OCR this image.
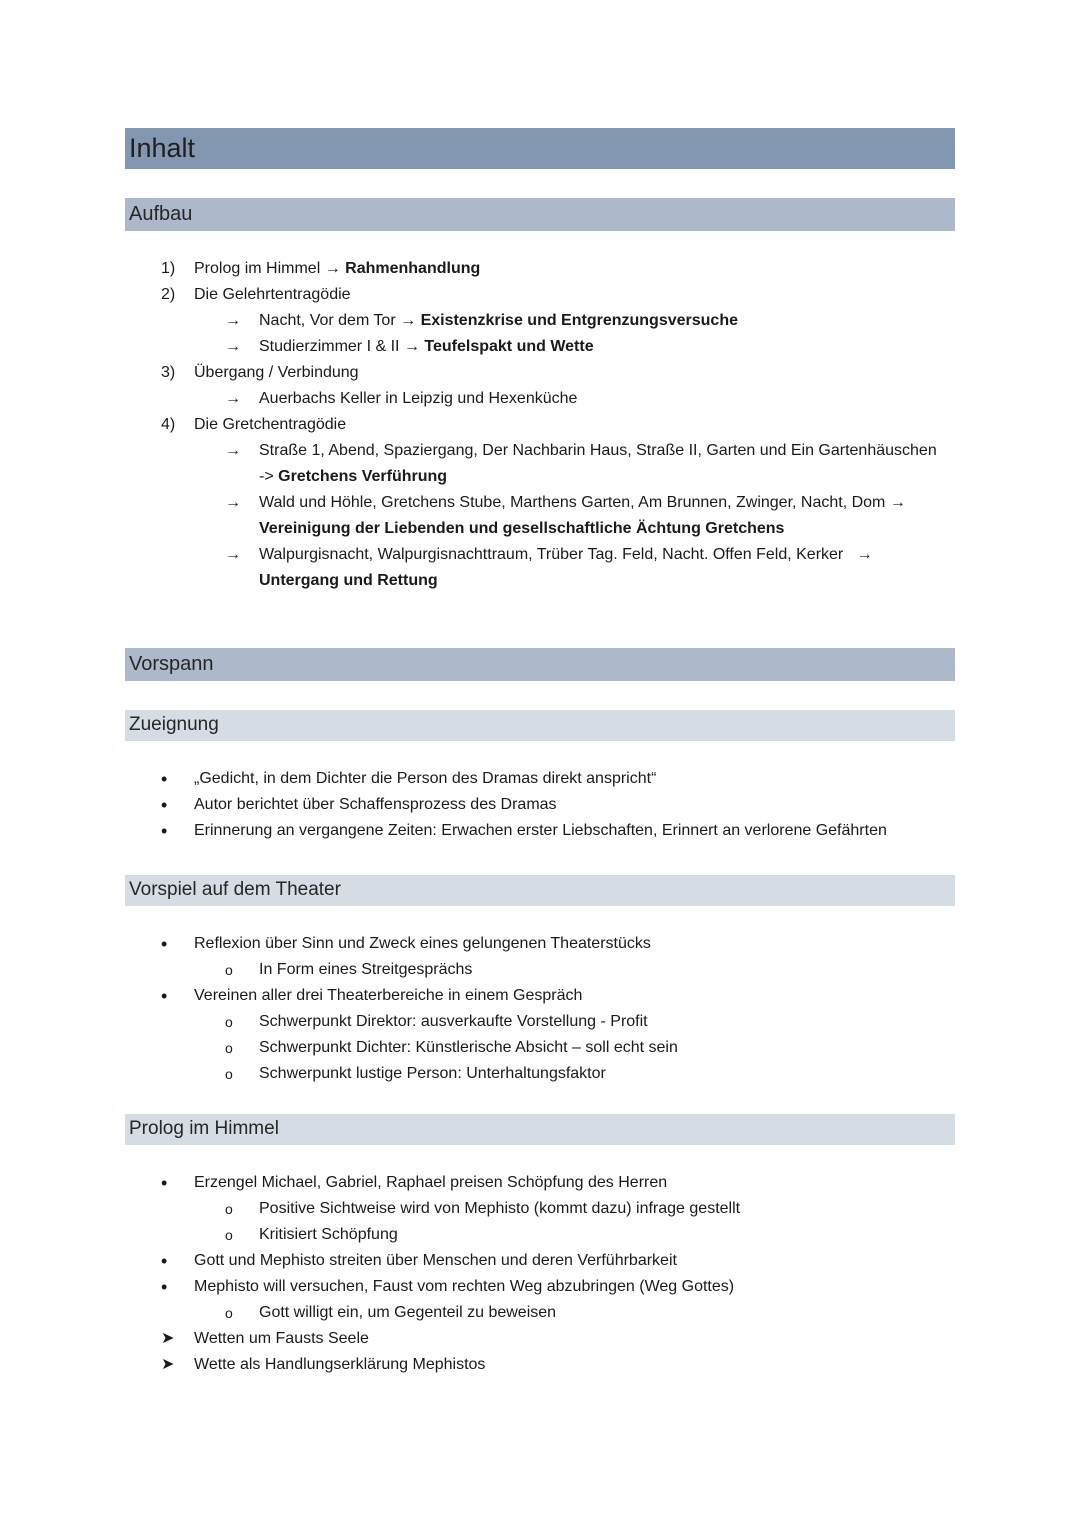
Inhalt
Aufbau
1) Prolog im Himmel → Rahmenhandlung
2) Die Gelehrtentragödie
→ Nacht, Vor dem Tor → Existenzkrise und Entgrenzungsversuche
→ Studierzimmer I & II → Teufelspakt und Wette
3) Übergang / Verbindung
→ Auerbachs Keller in Leipzig und Hexenküche
4) Die Gretchentragödie
→ Straße 1, Abend, Spaziergang, Der Nachbarin Haus, Straße II, Garten und Ein Gartenhäuschen
-> Gretchens Verführung
→ Wald und Höhle, Gretchens Stube, Marthens Garten, Am Brunnen, Zwinger, Nacht, Dom →
Vereinigung der Liebenden und gesellschaftliche Ächtung Gretchens
→ Walpurgisnacht, Walpurgisnachttraum, Trüber Tag. Feld, Nacht. Offen Feld, Kerker →
Untergang und Rettung
Vorspann
Zueignung
• „Gedicht, in dem Dichter die Person des Dramas direkt anspricht“
• Autor berichtet über Schaffensprozess des Dramas
• Erinnerung an vergangene Zeiten: Erwachen erster Liebschaften, Erinnert an verlorene Gefährten
Vorspiel auf dem Theater
• Reflexion über Sinn und Zweck eines gelungenen Theaterstücks
o In Form eines Streitgesprächs
• Vereinen aller drei Theaterbereiche in einem Gespräch
o Schwerpunkt Direktor: ausverkaufte Vorstellung - Profit
o Schwerpunkt Dichter: Künstlerische Absicht – soll echt sein
o Schwerpunkt lustige Person: Unterhaltungsfaktor
Prolog im Himmel
• Erzengel Michael, Gabriel, Raphael preisen Schöpfung des Herren
o Positive Sichtweise wird von Mephisto (kommt dazu) infrage gestellt
o Kritisiert Schöpfung
• Gott und Mephisto streiten über Menschen und deren Verführbarkeit
• Mephisto will versuchen, Faust vom rechten Weg abzubringen (Weg Gottes)
o Gott willigt ein, um Gegenteil zu beweisen
➤ Wetten um Fausts Seele
➤ Wette als Handlungserklärung Mephistos
